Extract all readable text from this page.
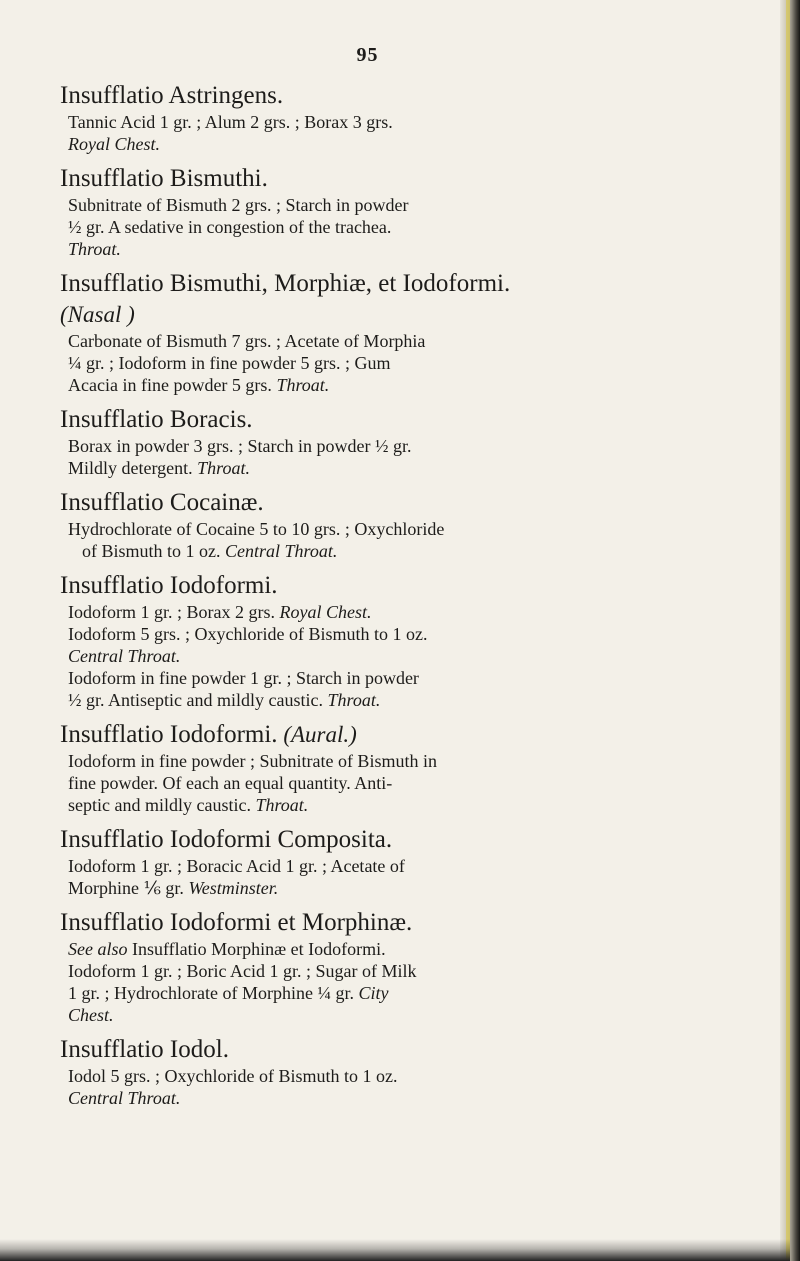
95
Insufflatio Astringens.

Tannic Acid 1 gr. ; Alum 2 grs. ; Borax 3 grs.

Royal Chest.

Insufflatio Bismuthi.

Subnitrate of Bismuth 2 grs. ; Starch in powder

½ gr. A sedative in congestion of the trachea.

Throat.

Insufflatio Bismuthi, Morphiæ, et Iodoformi.
(Nasal )

Carbonate of Bismuth 7 grs. ; Acetate of Morphia

¼ gr. ; Iodoform in fine powder 5 grs. ; Gum

Acacia in fine powder 5 grs. Throat.

Insufflatio Boracis.

Borax in powder 3 grs. ; Starch in powder ½ gr.

Mildly detergent. Throat.

Insufflatio Cocainæ.

Hydrochlorate of Cocaine 5 to 10 grs. ; Oxychloride

of Bismuth to 1 oz. Central Throat.

Insufflatio Iodoformi.

Iodoform 1 gr. ; Borax 2 grs. Royal Chest.

Iodoform 5 grs. ; Oxychloride of Bismuth to 1 oz.

Central Throat.

Iodoform in fine powder 1 gr. ; Starch in powder

½ gr. Antiseptic and mildly caustic. Throat.

Insufflatio Iodoformi. (Aural.)

Iodoform in fine powder ; Subnitrate of Bismuth in

fine powder. Of each an equal quantity. Anti-

septic and mildly caustic. Throat.

Insufflatio Iodoformi Composita.

Iodoform 1 gr. ; Boracic Acid 1 gr. ; Acetate of

Morphine ⅙ gr. Westminster.

Insufflatio Iodoformi et Morphinæ.

See also Insufflatio Morphinæ et Iodoformi.

Iodoform 1 gr. ; Boric Acid 1 gr. ; Sugar of Milk

1 gr. ; Hydrochlorate of Morphine ¼ gr. City

Chest.

Insufflatio Iodol.

Iodol 5 grs. ; Oxychloride of Bismuth to 1 oz.

Central Throat.
